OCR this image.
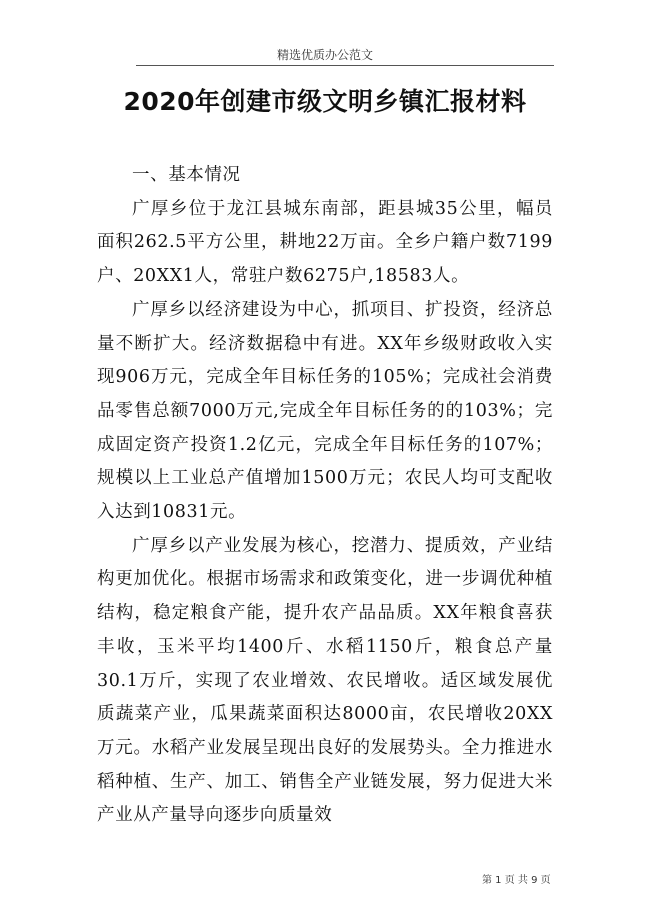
精选优质办公范文
2020年创建市级文明乡镇汇报材料

一、基本情况

广厚乡位于龙江县城东南部，距县城35公里，幅员面积262.5平方公里，耕地22万亩。全乡户籍户数7199户、20XX1人，常驻户数6275户,18583人。

广厚乡以经济建设为中心，抓项目、扩投资，经济总量不断扩大。经济数据稳中有进。XX年乡级财政收入实现906万元，完成全年目标任务的105%；完成社会消费品零售总额7000万元,完成全年目标任务的的103%；完成固定资产投资1.2亿元，完成全年目标任务的107%；规模以上工业总产值增加1500万元；农民人均可支配收入达到10831元。

广厚乡以产业发展为核心，挖潜力、提质效，产业结构更加优化。根据市场需求和政策变化，进一步调优种植结构，稳定粮食产能，提升农产品品质。XX年粮食喜获丰收，玉米平均1400斤、水稻1150斤，粮食总产量30.1万斤，实现了农业增效、农民增收。适区域发展优质蔬菜产业，瓜果蔬菜面积达8000亩，农民增收20XX万元。水稻产业发展呈现出良好的发展势头。全力推进水稻种植、生产、加工、销售全产业链发展，努力促进大米产业从产量导向逐步向质量效

第 1 页 共 9 页
